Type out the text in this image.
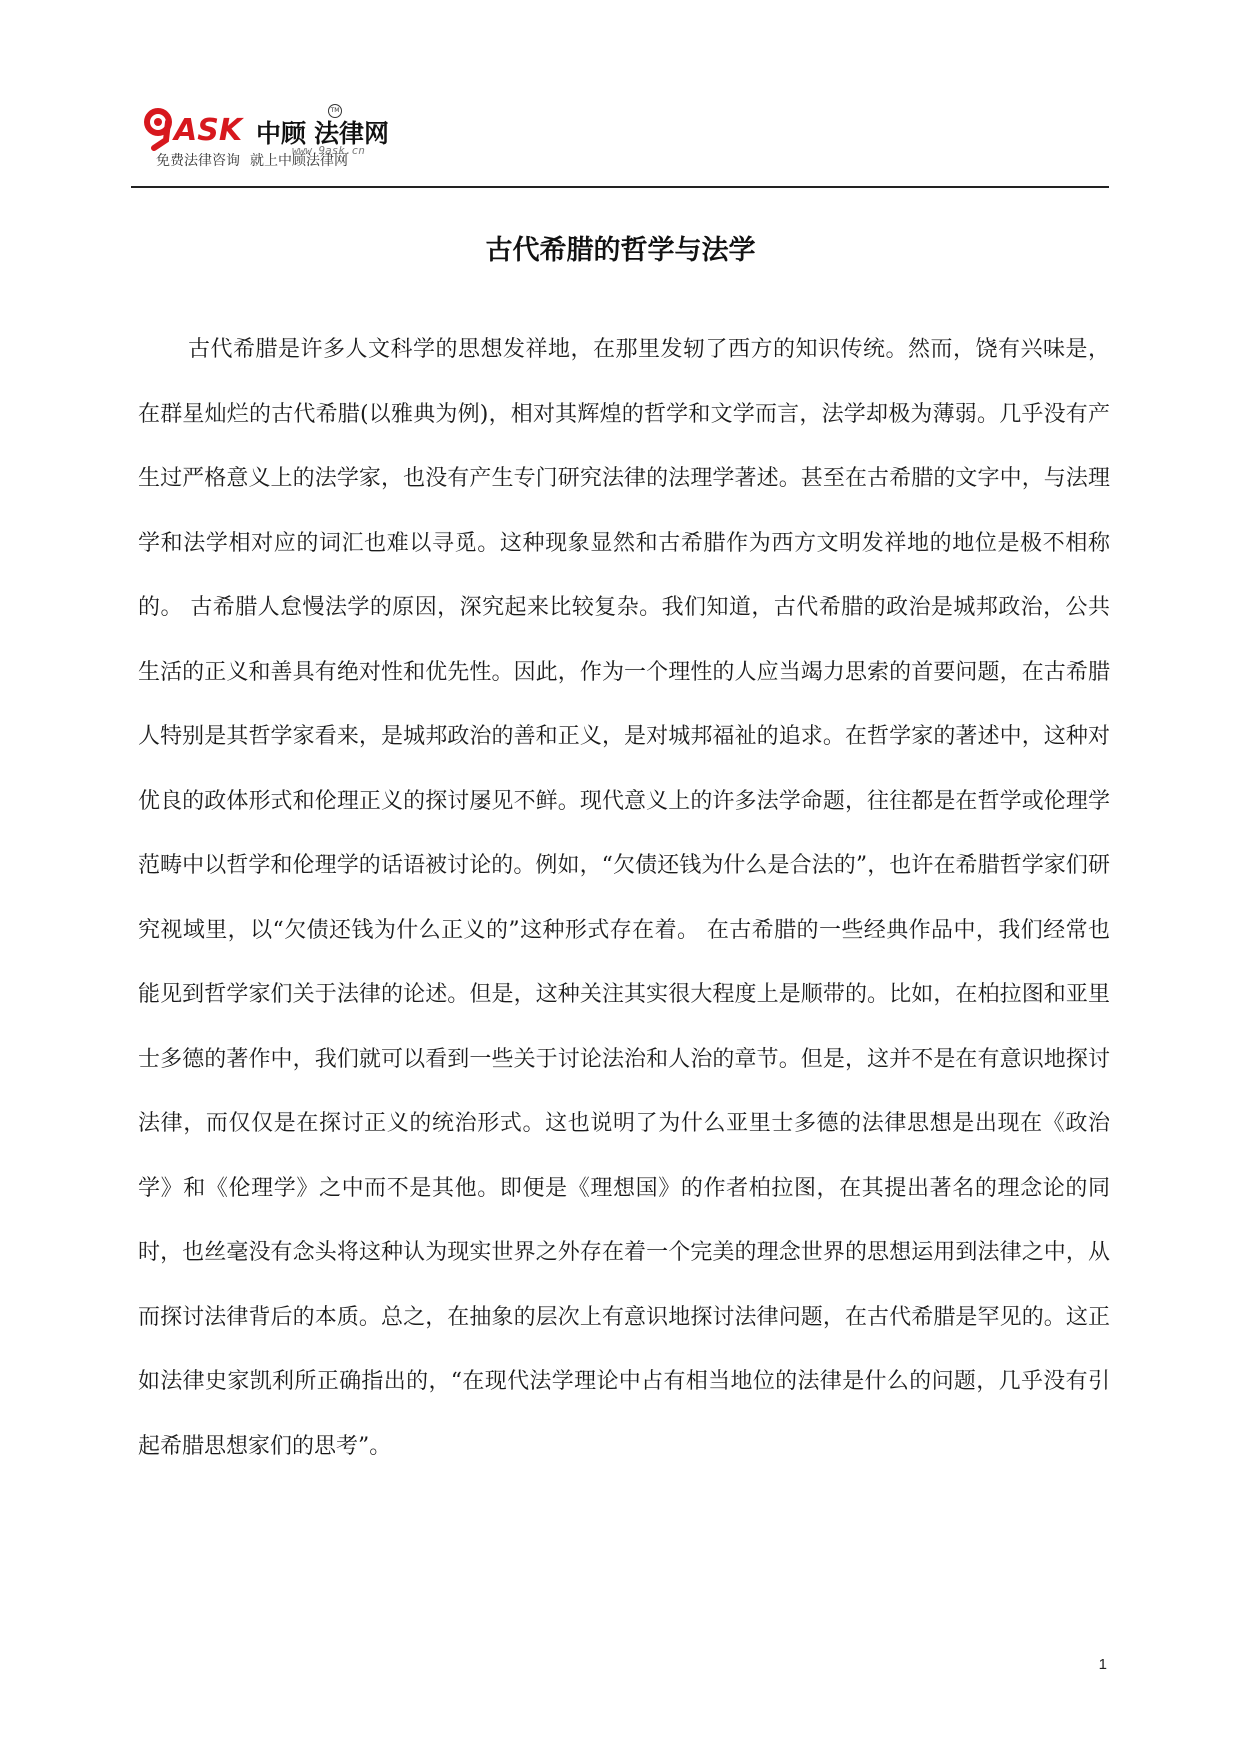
ASK 中顾 法律网
TM
www.9ask.cn
免费法律咨询 就上中顾法律网
古代希腊的哲学与法学

古代希腊是许多人文科学的思想发祥地，在那里发轫了西方的知识传统。然而，饶有兴味是，在群星灿烂的古代希腊(以雅典为例)，相对其辉煌的哲学和文学而言，法学却极为薄弱。几乎没有产生过严格意义上的法学家，也没有产生专门研究法律的法理学著述。甚至在古希腊的文字中，与法理学和法学相对应的词汇也难以寻觅。这种现象显然和古希腊作为西方文明发祥地的地位是极不相称的。 古希腊人怠慢法学的原因，深究起来比较复杂。我们知道，古代希腊的政治是城邦政治，公共生活的正义和善具有绝对性和优先性。因此，作为一个理性的人应当竭力思索的首要问题，在古希腊人特别是其哲学家看来，是城邦政治的善和正义，是对城邦福祉的追求。在哲学家的著述中，这种对优良的政体形式和伦理正义的探讨屡见不鲜。现代意义上的许多法学命题，往往都是在哲学或伦理学范畴中以哲学和伦理学的话语被讨论的。例如，“欠债还钱为什么是合法的”，也许在希腊哲学家们研究视域里，以“欠债还钱为什么正义的”这种形式存在着。 在古希腊的一些经典作品中，我们经常也能见到哲学家们关于法律的论述。但是，这种关注其实很大程度上是顺带的。比如，在柏拉图和亚里士多德的著作中，我们就可以看到一些关于讨论法治和人治的章节。但是，这并不是在有意识地探讨法律，而仅仅是在探讨正义的统治形式。这也说明了为什么亚里士多德的法律思想是出现在《政治学》和《伦理学》之中而不是其他。即便是《理想国》的作者柏拉图，在其提出著名的理念论的同时，也丝毫没有念头将这种认为现实世界之外存在着一个完美的理念世界的思想运用到法律之中，从而探讨法律背后的本质。总之，在抽象的层次上有意识地探讨法律问题，在古代希腊是罕见的。这正如法律史家凯利所正确指出的，“在现代法学理论中占有相当地位的法律是什么的问题，几乎没有引起希腊思想家们的思考”。

1
